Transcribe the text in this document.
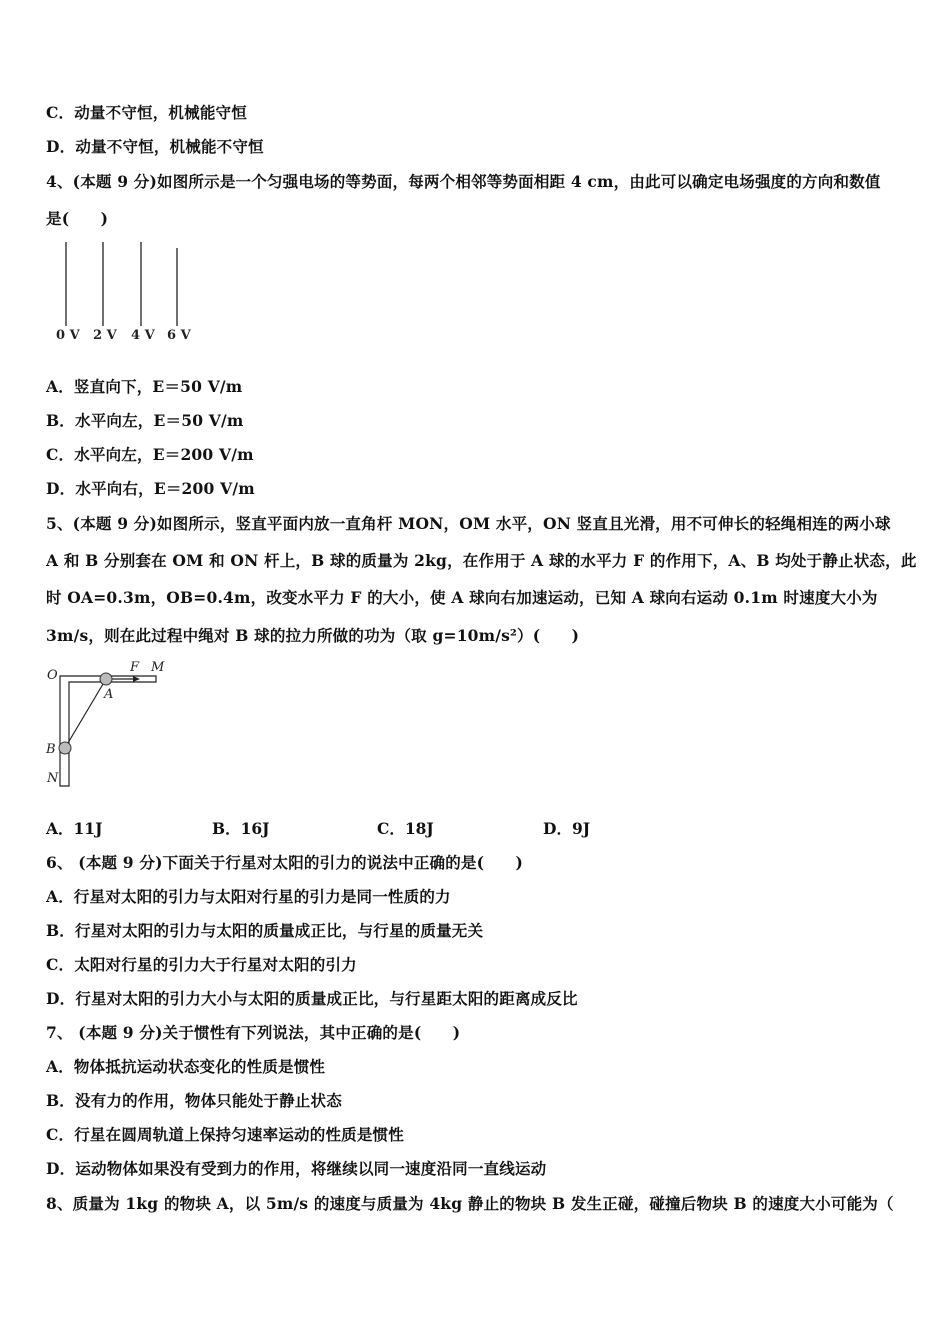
C．动量不守恒，机械能守恒
D．动量不守恒，机械能不守恒
4、(本题 9 分)如图所示是一个匀强电场的等势面，每两个相邻等势面相距 4 cm，由此可以确定电场强度的方向和数值
是(　　)
0 V 2 V 4 V 6 V
A．竖直向下，E＝50 V/m
B．水平向左，E＝50 V/m
C．水平向左，E＝200 V/m
D．水平向右，E＝200 V/m
5、(本题 9 分)如图所示，竖直平面内放一直角杆 MON，OM 水平，ON 竖直且光滑，用不可伸长的轻绳相连的两小球
A 和 B 分别套在 OM 和 ON 杆上，B 球的质量为 2kg，在作用于 A 球的水平力 F 的作用下，A、B 均处于静止状态，此
时 OA=0.3m，OB=0.4m，改变水平力 F 的大小，使 A 球向右加速运动，已知 A 球向右运动 0.1m 时速度大小为
3m/s，则在此过程中绳对 B 球的拉力所做的功为（取 g=10m/s²）(　　)
O
F M
A
B
N
A．11J	B．16J	C．18J	D．9J
6、 (本题 9 分)下面关于行星对太阳的引力的说法中正确的是(　　)
A．行星对太阳的引力与太阳对行星的引力是同一性质的力
B．行星对太阳的引力与太阳的质量成正比，与行星的质量无关
C．太阳对行星的引力大于行星对太阳的引力
D．行星对太阳的引力大小与太阳的质量成正比，与行星距太阳的距离成反比
7、 (本题 9 分)关于惯性有下列说法，其中正确的是(　　)
A．物体抵抗运动状态变化的性质是惯性
B．没有力的作用，物体只能处于静止状态
C．行星在圆周轨道上保持匀速率运动的性质是惯性
D．运动物体如果没有受到力的作用，将继续以同一速度沿同一直线运动
8、质量为 1kg 的物块 A，以 5m/s 的速度与质量为 4kg 静止的物块 B 发生正碰，碰撞后物块 B 的速度大小可能为（
